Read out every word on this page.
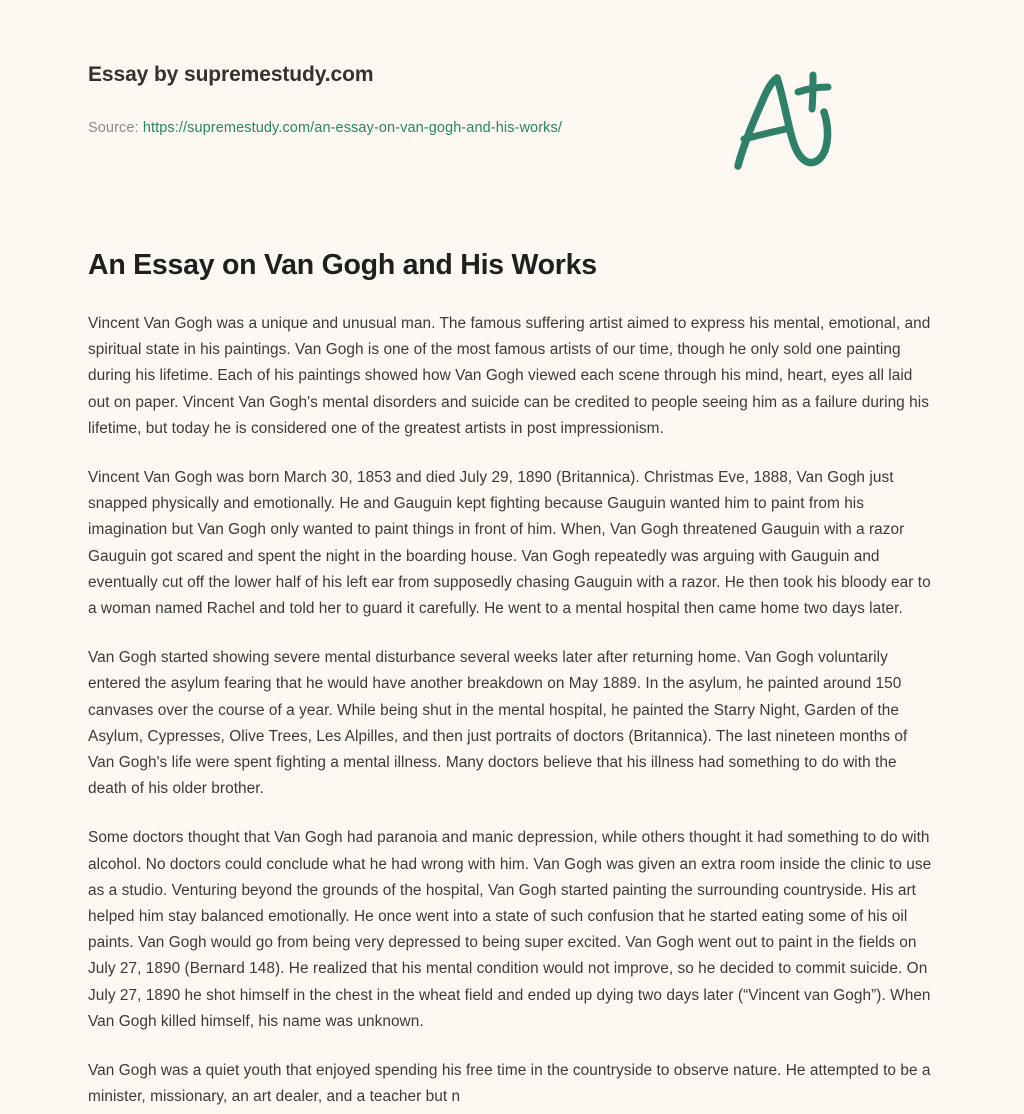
Essay by supremestudy.com
Source: https://supremestudy.com/an-essay-on-van-gogh-and-his-works/
An Essay on Van Gogh and His Works

Vincent Van Gogh was a unique and unusual man. The famous suffering artist aimed to express his mental, emotional, and spiritual state in his paintings. Van Gogh is one of the most famous artists of our time, though he only sold one painting during his lifetime. Each of his paintings showed how Van Gogh viewed each scene through his mind, heart, eyes all laid out on paper. Vincent Van Gogh's mental disorders and suicide can be credited to people seeing him as a failure during his lifetime, but today he is considered one of the greatest artists in post impressionism.

Vincent Van Gogh was born March 30, 1853 and died July 29, 1890 (Britannica). Christmas Eve, 1888, Van Gogh just snapped physically and emotionally. He and Gauguin kept fighting because Gauguin wanted him to paint from his imagination but Van Gogh only wanted to paint things in front of him. When, Van Gogh threatened Gauguin with a razor Gauguin got scared and spent the night in the boarding house. Van Gogh repeatedly was arguing with Gauguin and eventually cut off the lower half of his left ear from supposedly chasing Gauguin with a razor. He then took his bloody ear to a woman named Rachel and told her to guard it carefully. He went to a mental hospital then came home two days later.

Van Gogh started showing severe mental disturbance several weeks later after returning home. Van Gogh voluntarily entered the asylum fearing that he would have another breakdown on May 1889. In the asylum, he painted around 150 canvases over the course of a year. While being shut in the mental hospital, he painted the Starry Night, Garden of the Asylum, Cypresses, Olive Trees, Les Alpilles, and then just portraits of doctors (Britannica). The last nineteen months of Van Gogh's life were spent fighting a mental illness. Many doctors believe that his illness had something to do with the death of his older brother.

Some doctors thought that Van Gogh had paranoia and manic depression, while others thought it had something to do with alcohol. No doctors could conclude what he had wrong with him. Van Gogh was given an extra room inside the clinic to use as a studio. Venturing beyond the grounds of the hospital, Van Gogh started painting the surrounding countryside. His art helped him stay balanced emotionally. He once went into a state of such confusion that he started eating some of his oil paints. Van Gogh would go from being very depressed to being super excited. Van Gogh went out to paint in the fields on July 27, 1890 (Bernard 148). He realized that his mental condition would not improve, so he decided to commit suicide. On July 27, 1890 he shot himself in the chest in the wheat field and ended up dying two days later (“Vincent van Gogh”). When Van Gogh killed himself, his name was unknown.

Van Gogh was a quiet youth that enjoyed spending his free time in the countryside to observe nature. He attempted to be a minister, missionary, an art dealer, and a teacher but n
